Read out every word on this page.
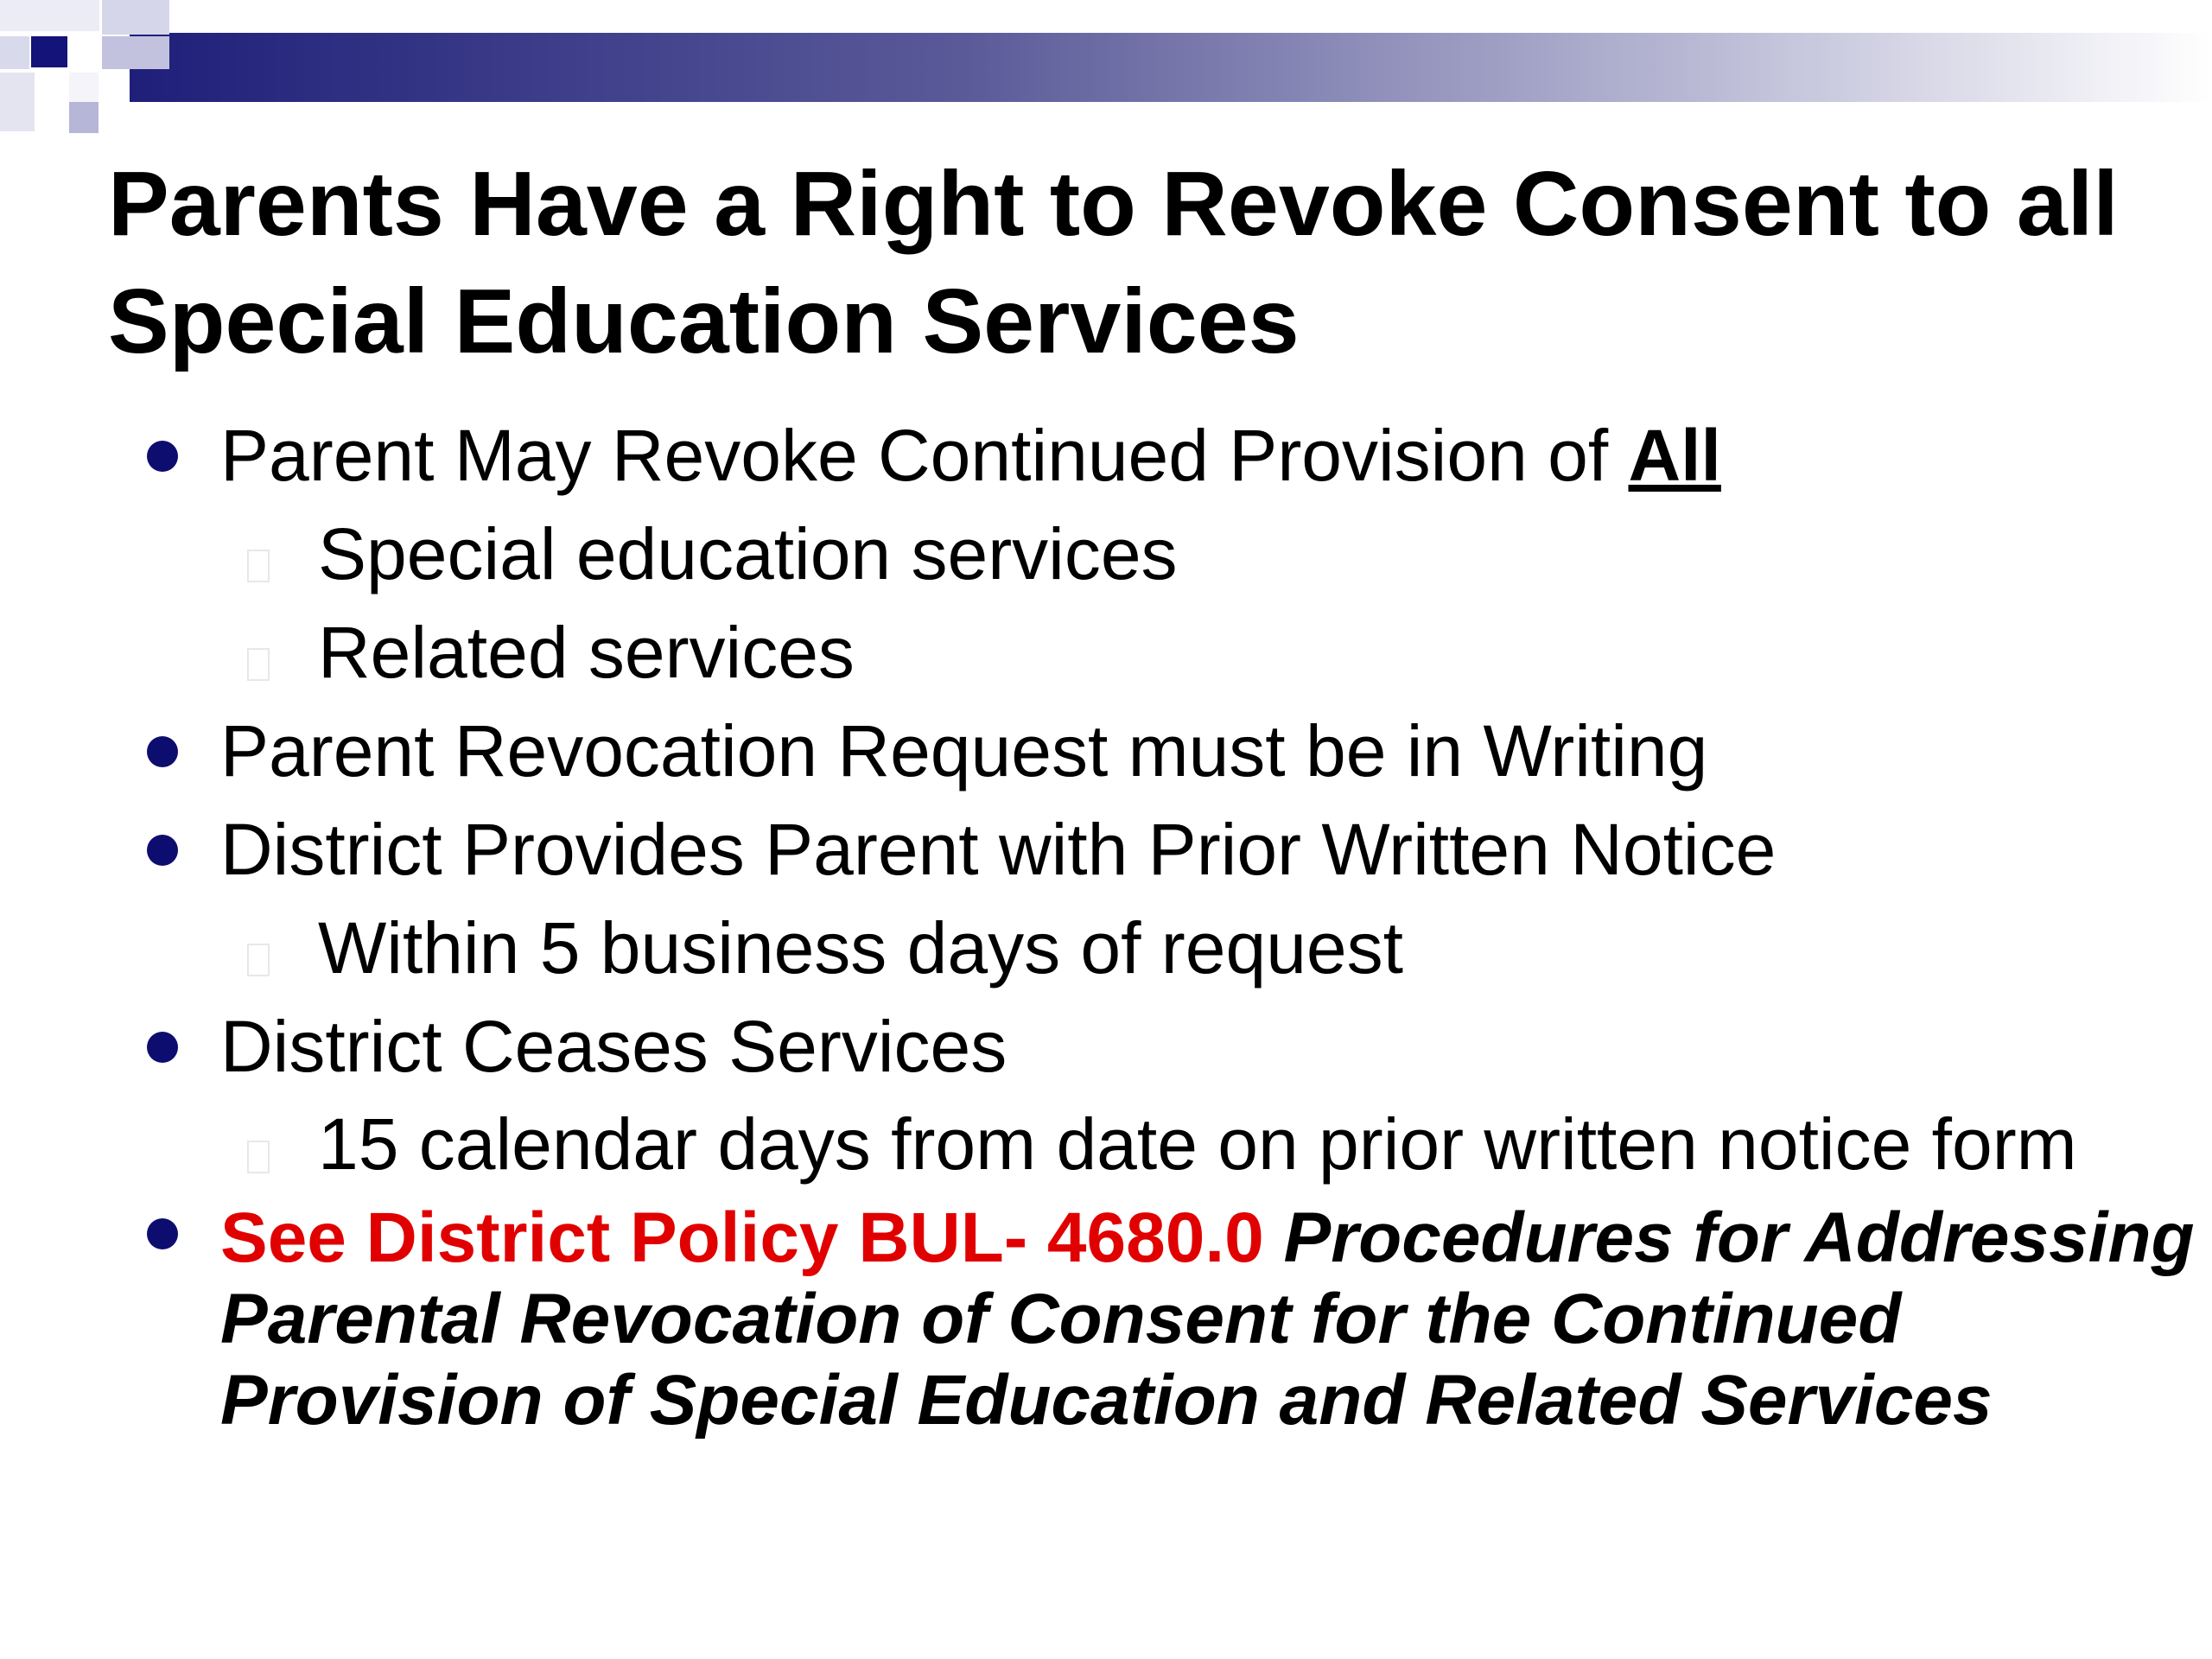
Parents Have a Right to Revoke Consent to all Special Education Services
Parent May Revoke Continued Provision of All
Special education services
Related services
Parent Revocation Request must be in Writing
District Provides Parent with Prior Written Notice
Within 5 business days of request
District Ceases Services
15 calendar days from date on prior written notice form
See District Policy BUL- 4680.0 Procedures for Addressing Parental Revocation of Consent for the Continued Provision of Special Education and Related Services
